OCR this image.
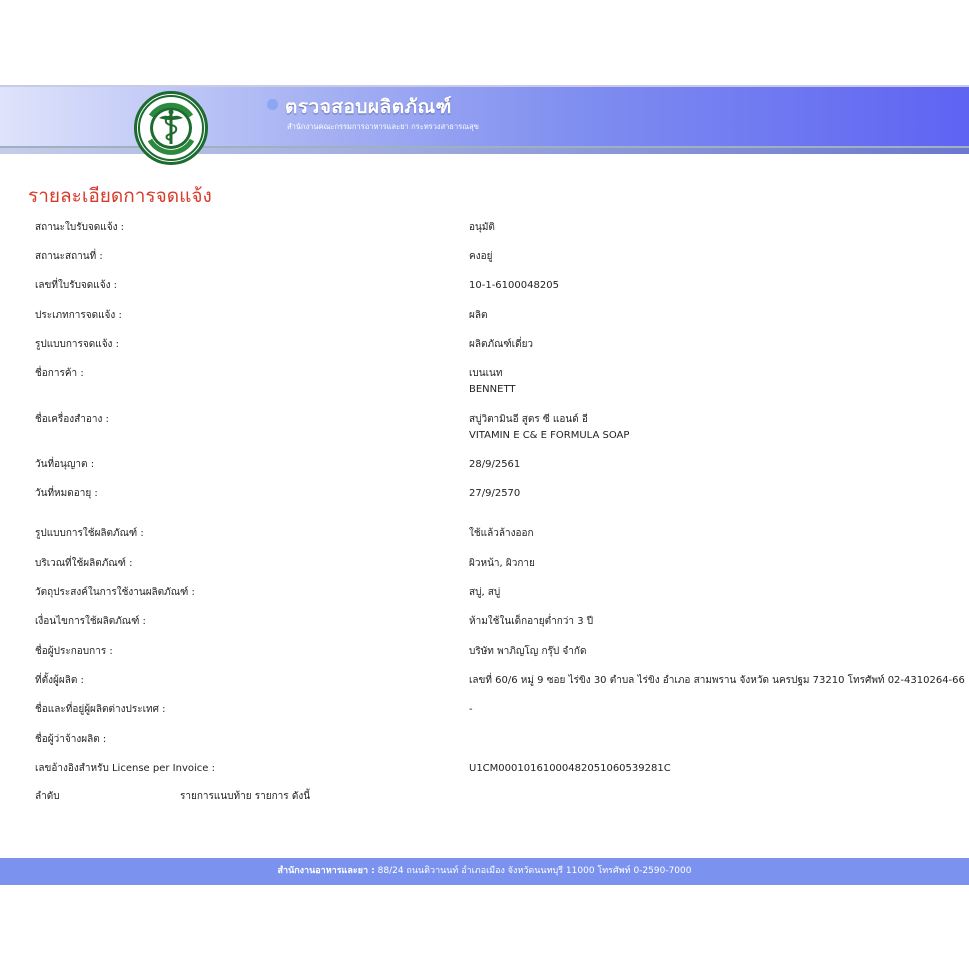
ตรวจสอบผลิตภัณฑ์
สำนักงานคณะกรรมการอาหารและยา กระทรวงสาธารณสุข
รายละเอียดการจดแจ้ง
สถานะใบรับจดแจ้ง :	อนุมัติ
สถานะสถานที่ :	คงอยู่
เลขที่ใบรับจดแจ้ง :	10-1-6100048205
ประเภทการจดแจ้ง :	ผลิต
รูปแบบการจดแจ้ง :	ผลิตภัณฑ์เดี่ยว
ชื่อการค้า :	เบนเนท
BENNETT
ชื่อเครื่องสำอาง :	สบู่วิตามินอี สูตร ซี แอนด์ อี
VITAMIN E C& E FORMULA SOAP
วันที่อนุญาต :	28/9/2561
วันที่หมดอายุ :	27/9/2570
รูปแบบการใช้ผลิตภัณฑ์ :	ใช้แล้วล้างออก
บริเวณที่ใช้ผลิตภัณฑ์ :	ผิวหน้า, ผิวกาย
วัตถุประสงค์ในการใช้งานผลิตภัณฑ์ :	สบู่, สบู่
เงื่อนไขการใช้ผลิตภัณฑ์ :	ห้ามใช้ในเด็กอายุต่ำกว่า 3 ปี
ชื่อผู้ประกอบการ :	บริษัท พาภิญโญ กรุ๊ป จำกัด
ที่ตั้งผู้ผลิต :	เลขที่ 60/6 หมู่ 9 ซอย ไร่ขิง 30 ตำบล ไร่ขิง อำเภอ สามพราน จังหวัด นครปฐม 73210 โทรศัพท์ 02-4310264-66
ชื่อและที่อยู่ผู้ผลิตต่างประเทศ :	-
ชื่อผู้ว่าจ้างผลิต :
เลขอ้างอิงสำหรับ License per Invoice :	U1CM0001016100048205106053928​1C
ลำดับ	รายการแนบท้าย รายการ ดังนี้
สำนักงานอาหารและยา : 88/24 ถนนติวานนท์ อำเภอเมือง จังหวัดนนทบุรี 11000 โทรศัพท์ 0-2590-7000
